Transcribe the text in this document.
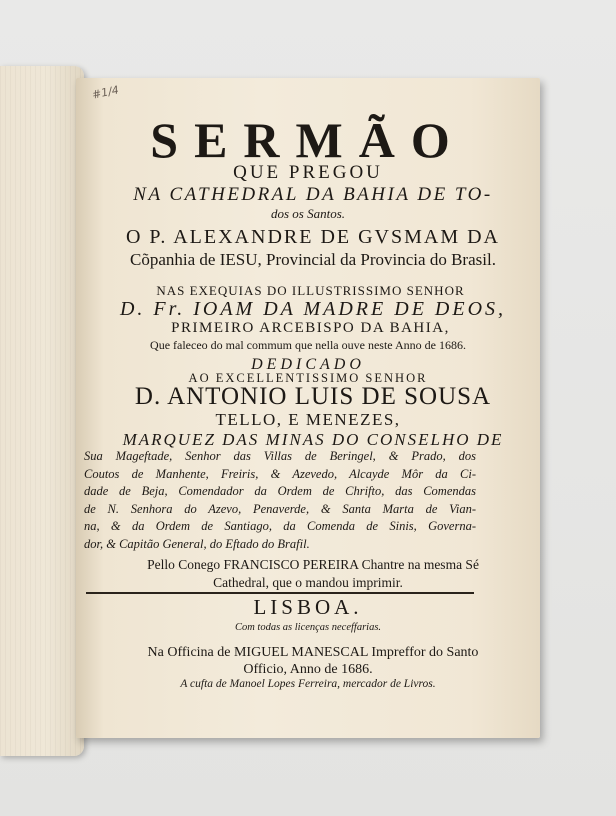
#1/4
SERMÃO
QUE PREGOU
NA CATHEDRAL DA BAHIA DE TO-
dos os Santos.
O P. ALEXANDRE DE GVSMAM DA
Cõpanhia de IESU, Provincial da Provincia do Brasil.
NAS EXEQUIAS DO ILLUSTRISSIMO SENHOR
D. Fr. IOAM DA MADRE DE DEOS,
PRIMEIRO ARCEBISPO DA BAHIA,
Que faleceo do mal commum que nella ouve neste Anno de 1686.
DEDICADO
AO EXCELLENTISSIMO SENHOR
D. ANTONIO LUIS DE SOUSA
TELLO, E MENEZES,
MARQUEZ DAS MINAS DO CONSELHO DE
Sua Mageftade, Senhor das Villas de Beringel, & Prado, dos
Coutos de Manhente, Freiris, & Azevedo, Alcayde Môr da Ci-
dade de Beja, Comendador da Ordem de Chrifto, das Comendas
de N. Senhora do Azevo, Penaverde, & Santa Marta de Vian-
na, & da Ordem de Santiago, da Comenda de Sinis, Governa-
dor, & Capitão General, do Eftado do Brafil.
Pello Conego FRANCISCO PEREIRA Chantre na mesma Sé
Cathedral, que o mandou imprimir.
LISBOA.
Com todas as licenças neceffarias.
Na Officina de MIGUEL MANESCAL Impreffor do Santo
Officio, Anno de 1686.
A cufta de Manoel Lopes Ferreira, mercador de Livros.
